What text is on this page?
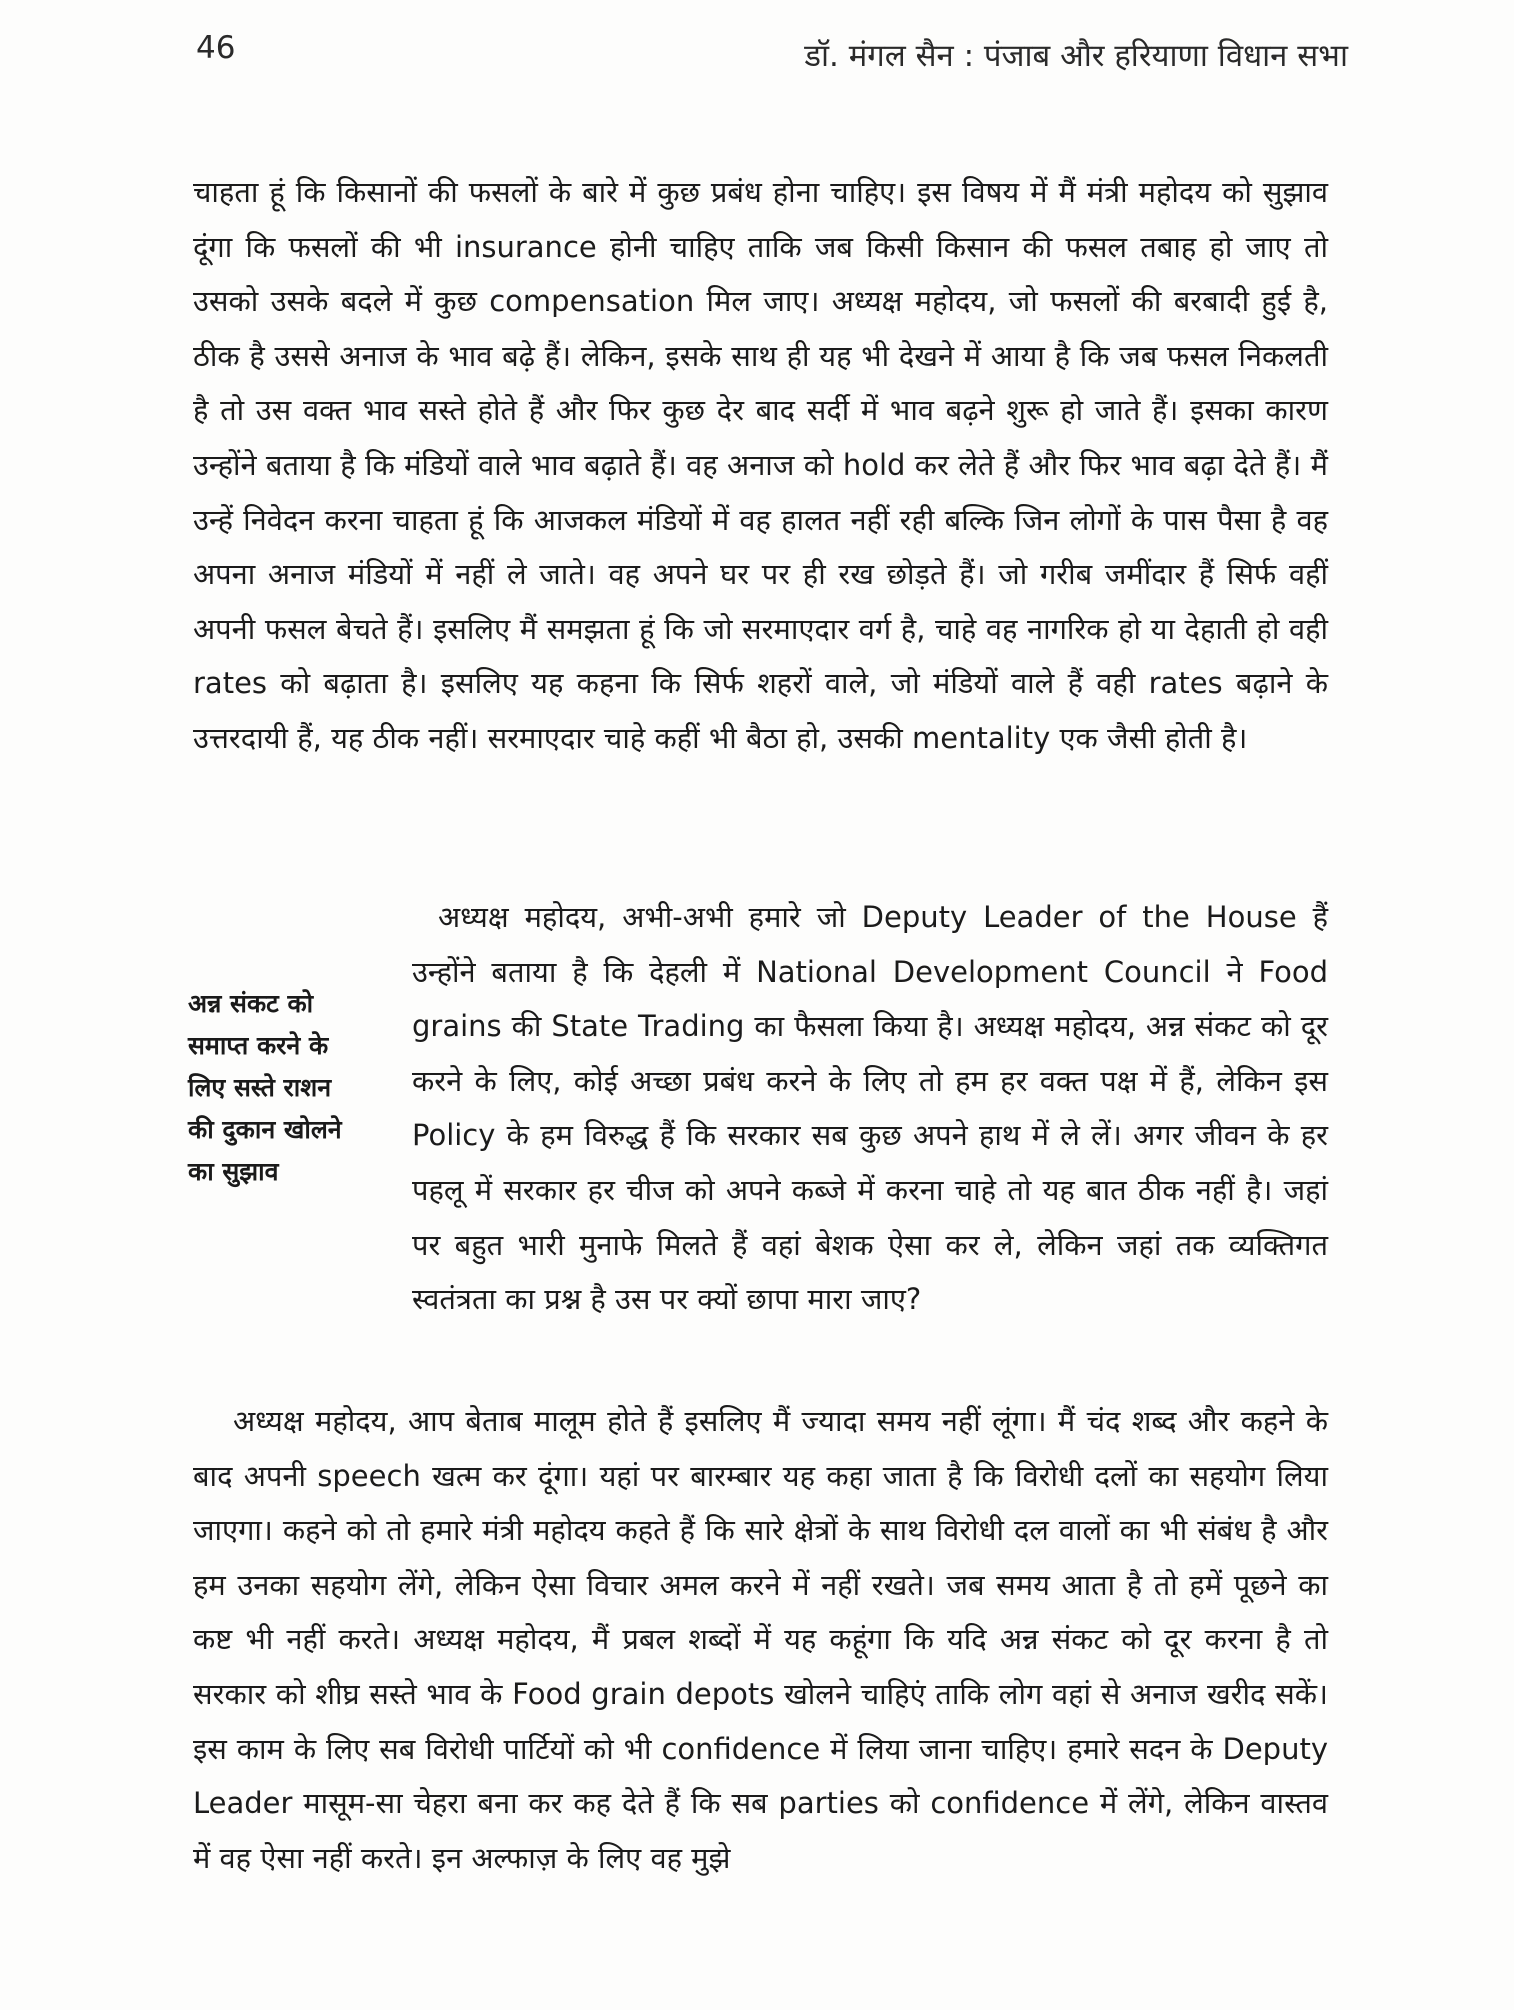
46	डॉ. मंगल सैन : पंजाब और हरियाणा विधान सभा

चाहता हूं कि किसानों की फसलों के बारे में कुछ प्रबंध होना चाहिए। इस विषय में मैं मंत्री महोदय को सुझाव दूंगा कि फसलों की भी insurance होनी चाहिए ताकि जब किसी किसान की फसल तबाह हो जाए तो उसको उसके बदले में कुछ compensation मिल जाए। अध्यक्ष महोदय, जो फसलों की बरबादी हुई है, ठीक है उससे अनाज के भाव बढ़े हैं। लेकिन, इसके साथ ही यह भी देखने में आया है कि जब फसल निकलती है तो उस वक्त भाव सस्ते होते हैं और फिर कुछ देर बाद सर्दी में भाव बढ़ने शुरू हो जाते हैं। इसका कारण उन्होंने बताया है कि मंडियों वाले भाव बढ़ाते हैं। वह अनाज को hold कर लेते हैं और फिर भाव बढ़ा देते हैं। मैं उन्हें निवेदन करना चाहता हूं कि आजकल मंडियों में वह हालत नहीं रही बल्कि जिन लोगों के पास पैसा है वह अपना अनाज मंडियों में नहीं ले जाते। वह अपने घर पर ही रख छोड़ते हैं। जो गरीब जमींदार हैं सिर्फ वहीं अपनी फसल बेचते हैं। इसलिए मैं समझता हूं कि जो सरमाएदार वर्ग है, चाहे वह नागरिक हो या देहाती हो वही rates को बढ़ाता है। इसलिए यह कहना कि सिर्फ शहरों वाले, जो मंडियों वाले हैं वही rates बढ़ाने के उत्तरदायी हैं, यह ठीक नहीं। सरमाएदार चाहे कहीं भी बैठा हो, उसकी mentality एक जैसी होती है।

अन्न संकट को समाप्त करने के लिए सस्ते राशन की दुकान खोलने का सुझाव

अध्यक्ष महोदय, अभी-अभी हमारे जो Deputy Leader of the House हैं उन्होंने बताया है कि देहली में National Development Council ने Food grains की State Trading का फैसला किया है। अध्यक्ष महोदय, अन्न संकट को दूर करने के लिए, कोई अच्छा प्रबंध करने के लिए तो हम हर वक्त पक्ष में हैं, लेकिन इस Policy के हम विरुद्ध हैं कि सरकार सब कुछ अपने हाथ में ले लें। अगर जीवन के हर पहलू में सरकार हर चीज को अपने कब्जे में करना चाहे तो यह बात ठीक नहीं है। जहां पर बहुत भारी मुनाफे मिलते हैं वहां बेशक ऐसा कर ले, लेकिन जहां तक व्यक्तिगत स्वतंत्रता का प्रश्न है उस पर क्यों छापा मारा जाए?

अध्यक्ष महोदय, आप बेताब मालूम होते हैं इसलिए मैं ज्यादा समय नहीं लूंगा। मैं चंद शब्द और कहने के बाद अपनी speech खत्म कर दूंगा। यहां पर बारम्बार यह कहा जाता है कि विरोधी दलों का सहयोग लिया जाएगा। कहने को तो हमारे मंत्री महोदय कहते हैं कि सारे क्षेत्रों के साथ विरोधी दल वालों का भी संबंध है और हम उनका सहयोग लेंगे, लेकिन ऐसा विचार अमल करने में नहीं रखते। जब समय आता है तो हमें पूछने का कष्ट भी नहीं करते। अध्यक्ष महोदय, मैं प्रबल शब्दों में यह कहूंगा कि यदि अन्न संकट को दूर करना है तो सरकार को शीघ्र सस्ते भाव के Food grain depots खोलने चाहिएं ताकि लोग वहां से अनाज खरीद सकें। इस काम के लिए सब विरोधी पार्टियों को भी confidence में लिया जाना चाहिए। हमारे सदन के Deputy Leader मासूम-सा चेहरा बना कर कह देते हैं कि सब parties को confidence में लेंगे, लेकिन वास्तव में वह ऐसा नहीं करते। इन अल्फाज़ के लिए वह मुझे
